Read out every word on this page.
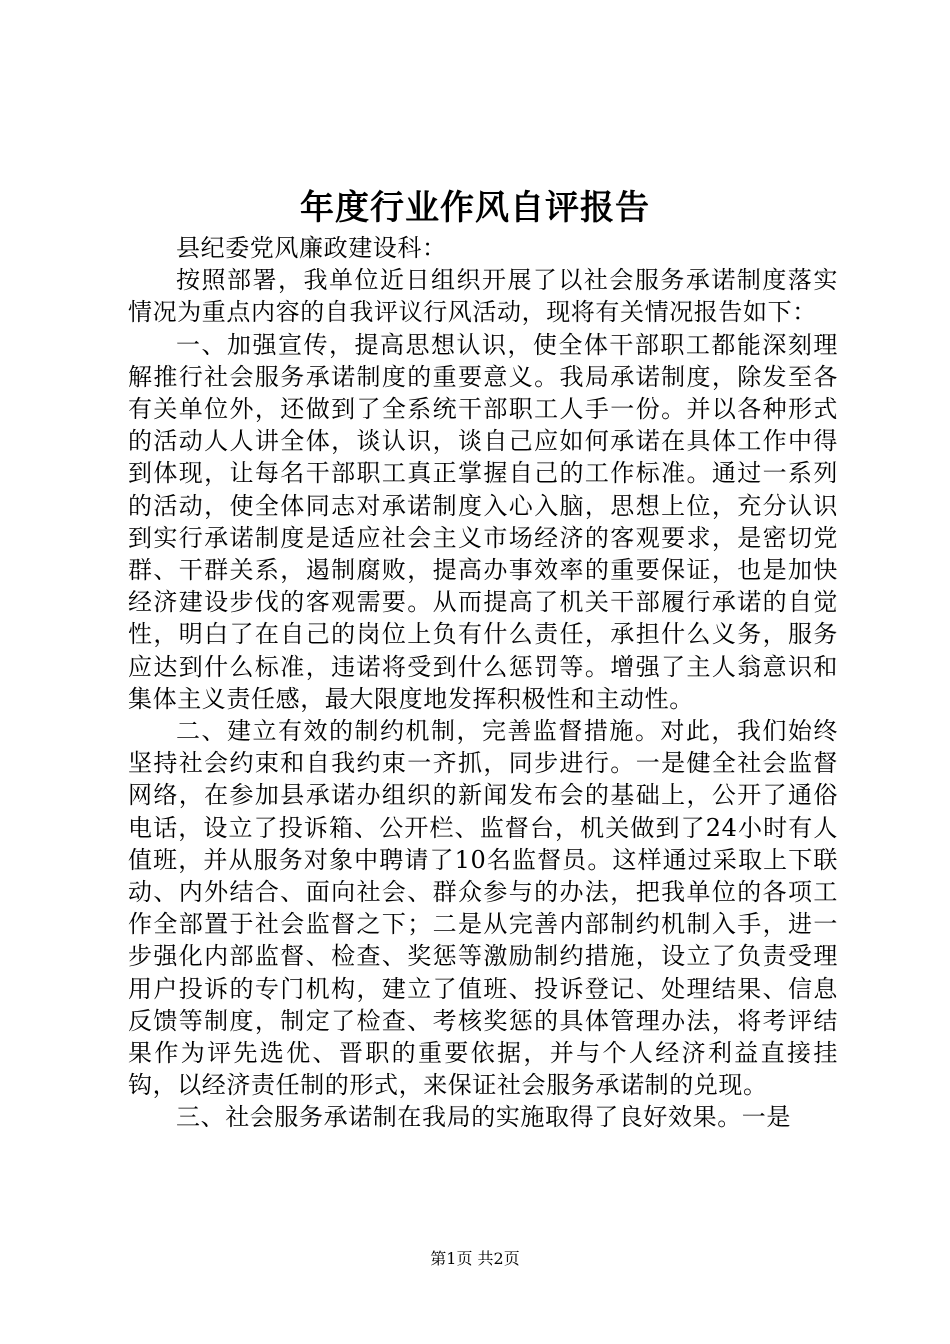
年度行业作风自评报告

县纪委党风廉政建设科：

按照部署，我单位近日组织开展了以社会服务承诺制度落实情况为重点内容的自我评议行风活动，现将有关情况报告如下：

一、加强宣传，提高思想认识，使全体干部职工都能深刻理解推行社会服务承诺制度的重要意义。我局承诺制度，除发至各有关单位外，还做到了全系统干部职工人手一份。并以各种形式的活动人人讲全体，谈认识，谈自己应如何承诺在具体工作中得到体现，让每名干部职工真正掌握自己的工作标准。通过一系列的活动，使全体同志对承诺制度入心入脑，思想上位，充分认识到实行承诺制度是适应社会主义市场经济的客观要求，是密切党群、干群关系，遏制腐败，提高办事效率的重要保证，也是加快经济建设步伐的客观需要。从而提高了机关干部履行承诺的自觉性，明白了在自己的岗位上负有什么责任，承担什么义务，服务应达到什么标准，违诺将受到什么惩罚等。增强了主人翁意识和集体主义责任感，最大限度地发挥积极性和主动性。

二、建立有效的制约机制，完善监督措施。对此，我们始终坚持社会约束和自我约束一齐抓，同步进行。一是健全社会监督网络，在参加县承诺办组织的新闻发布会的基础上，公开了通俗电话，设立了投诉箱、公开栏、监督台，机关做到了24小时有人值班，并从服务对象中聘请了10名监督员。这样通过采取上下联动、内外结合、面向社会、群众参与的办法，把我单位的各项工作全部置于社会监督之下；二是从完善内部制约机制入手，进一步强化内部监督、检查、奖惩等激励制约措施，设立了负责受理用户投诉的专门机构，建立了值班、投诉登记、处理结果、信息反馈等制度，制定了检查、考核奖惩的具体管理办法，将考评结果作为评先选优、晋职的重要依据，并与个人经济利益直接挂钩，以经济责任制的形式，来保证社会服务承诺制的兑现。

三、社会服务承诺制在我局的实施取得了良好效果。一是

第1页 共2页
